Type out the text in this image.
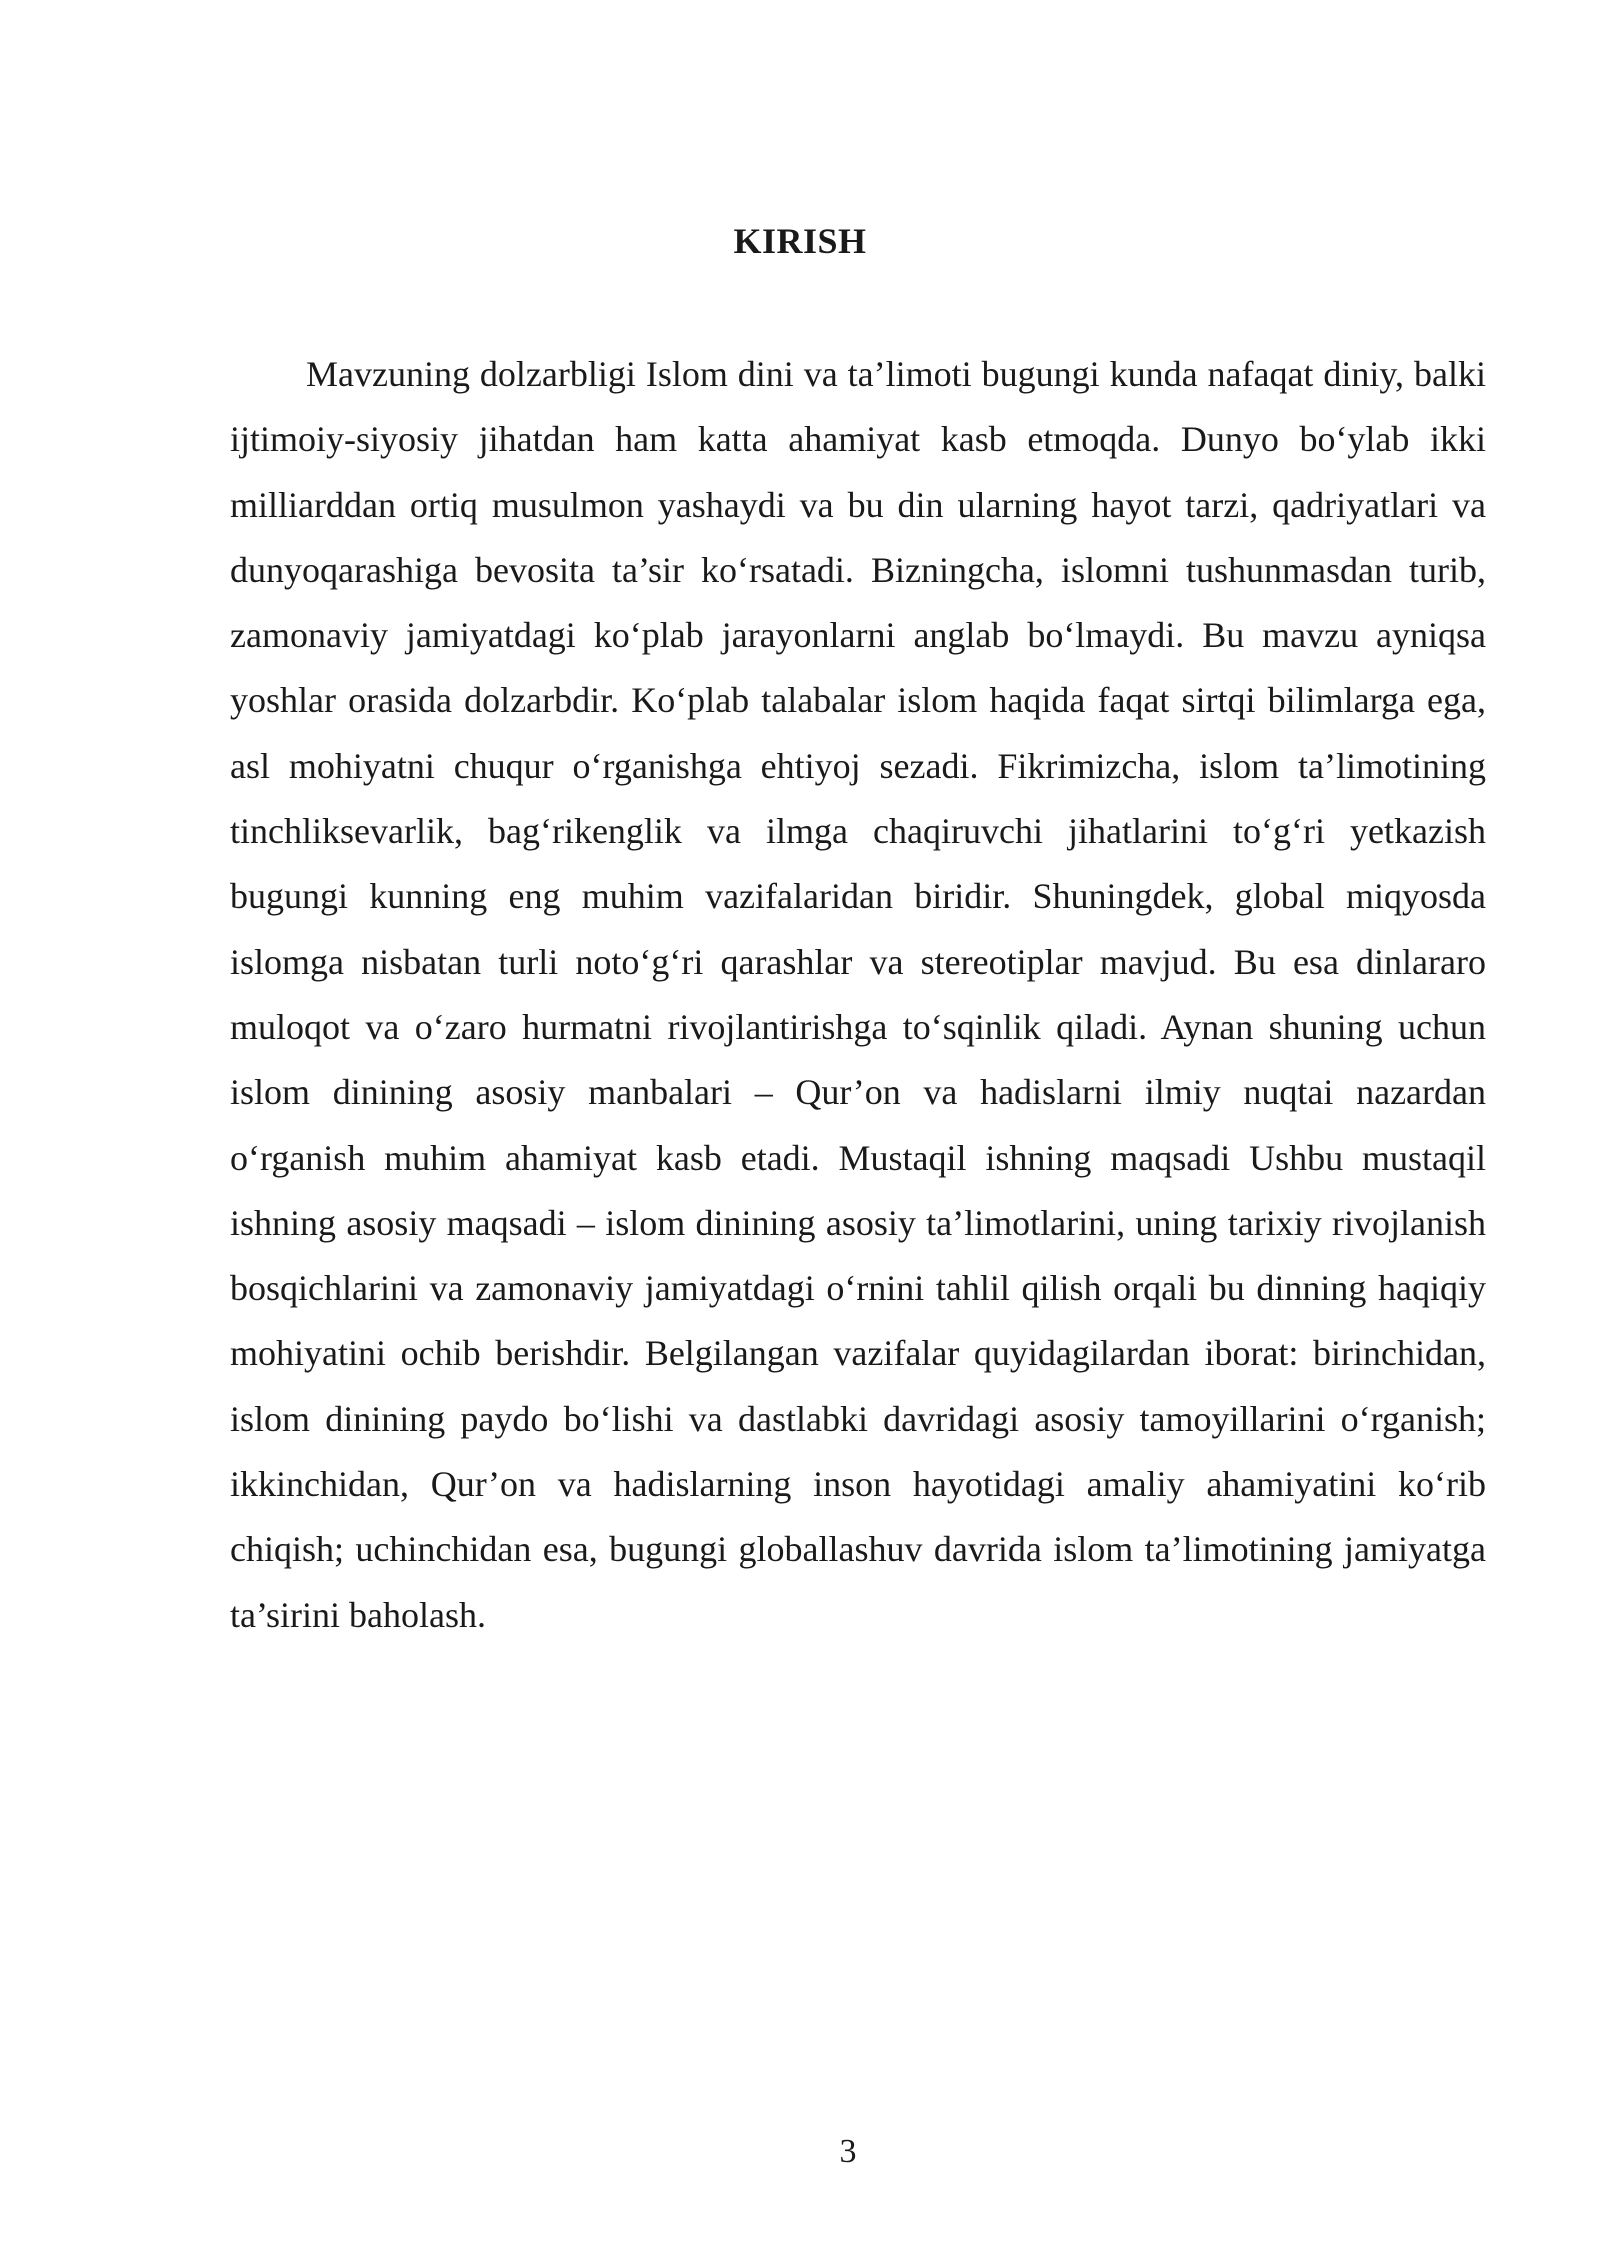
KIRISH

Mavzuning dolzarbligi Islom dini va ta’limoti bugungi kunda nafaqat diniy, balki ijtimoiy-siyosiy jihatdan ham katta ahamiyat kasb etmoqda. Dunyo bo‘ylab ikki milliarddan ortiq musulmon yashaydi va bu din ularning hayot tarzi, qadriyatlari va dunyoqarashiga bevosita ta’sir ko‘rsatadi. Bizningcha, islomni tushunmasdan turib, zamonaviy jamiyatdagi ko‘plab jarayonlarni anglab bo‘lmaydi. Bu mavzu ayniqsa yoshlar orasida dolzarbdir. Ko‘plab talabalar islom haqida faqat sirtqi bilimlarga ega, asl mohiyatni chuqur o‘rganishga ehtiyoj sezadi. Fikrimizcha, islom ta’limotining tinchliksevarlik, bag‘rikenglik va ilmga chaqiruvchi jihatlarini to‘g‘ri yetkazish bugungi kunning eng muhim vazifalaridan biridir. Shuningdek, global miqyosda islomga nisbatan turli noto‘g‘ri qarashlar va stereotiplar mavjud. Bu esa dinlararo muloqot va o‘zaro hurmatni rivojlantirishga to‘sqinlik qiladi. Aynan shuning uchun islom dinining asosiy manbalari – Qur’on va hadislarni ilmiy nuqtai nazardan o‘rganish muhim ahamiyat kasb etadi. Mustaqil ishning maqsadi Ushbu mustaqil ishning asosiy maqsadi – islom dinining asosiy ta’limotlarini, uning tarixiy rivojlanish bosqichlarini va zamonaviy jamiyatdagi o‘rnini tahlil qilish orqali bu dinning haqiqiy mohiyatini ochib berishdir. Belgilangan vazifalar quyidagilardan iborat: birinchidan, islom dinining paydo bo‘lishi va dastlabki davridagi asosiy tamoyillarini o‘rganish; ikkinchidan, Qur’on va hadislarning inson hayotidagi amaliy ahamiyatini ko‘rib chiqish; uchinchidan esa, bugungi globallashuv davrida islom ta’limotining jamiyatga ta’sirini baholash.

3
